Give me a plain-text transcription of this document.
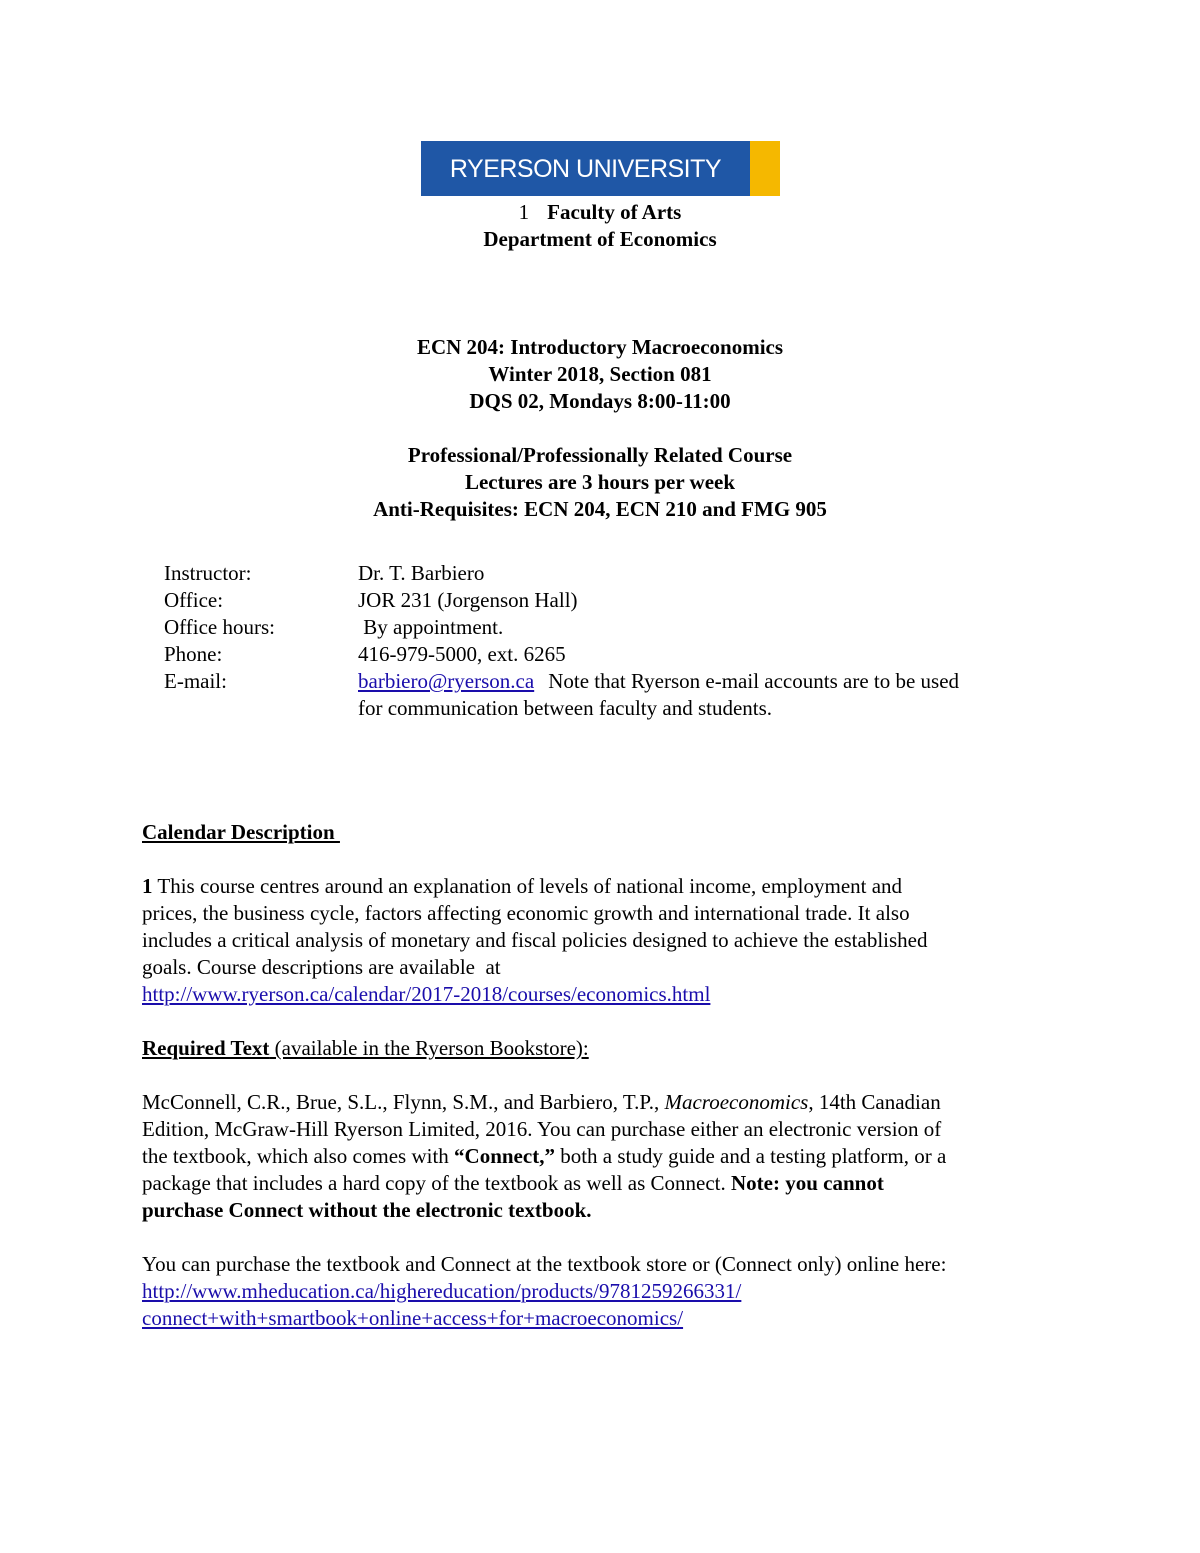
RYERSON UNIVERSITY
1 Faculty of Arts
Department of Economics
ECN 204: Introductory Macroeconomics
Winter 2018, Section 081
DQS 02, Mondays 8:00-11:00
Professional/Professionally Related Course
Lectures are 3 hours per week
Anti-Requisites: ECN 204, ECN 210 and FMG 905
Instructor:	Dr. T. Barbiero
Office:	JOR 231 (Jorgenson Hall)
Office hours:	By appointment.
Phone:	416-979-5000, ext. 6265
E-mail:	barbiero@ryerson.ca Note that Ryerson e-mail accounts are to be used
for communication between faculty and students.

Calendar Description

1 This course centres around an explanation of levels of national income, employment and

prices, the business cycle, factors affecting economic growth and international trade. It also

includes a critical analysis of monetary and fiscal policies designed to achieve the established

goals. Course descriptions are available  at

http://www.ryerson.ca/calendar/2017-2018/courses/economics.html

Required Text (available in the Ryerson Bookstore):

McConnell, C.R., Brue, S.L., Flynn, S.M., and Barbiero, T.P., Macroeconomics, 14th Canadian

Edition, McGraw-Hill Ryerson Limited, 2016. You can purchase either an electronic version of

the textbook, which also comes with “Connect,” both a study guide and a testing platform, or a

package that includes a hard copy of the textbook as well as Connect. Note: you cannot

purchase Connect without the electronic textbook.

You can purchase the textbook and Connect at the textbook store or (Connect only) online here:

http://www.mheducation.ca/highereducation/products/9781259266331/

connect+with+smartbook+online+access+for+macroeconomics/
